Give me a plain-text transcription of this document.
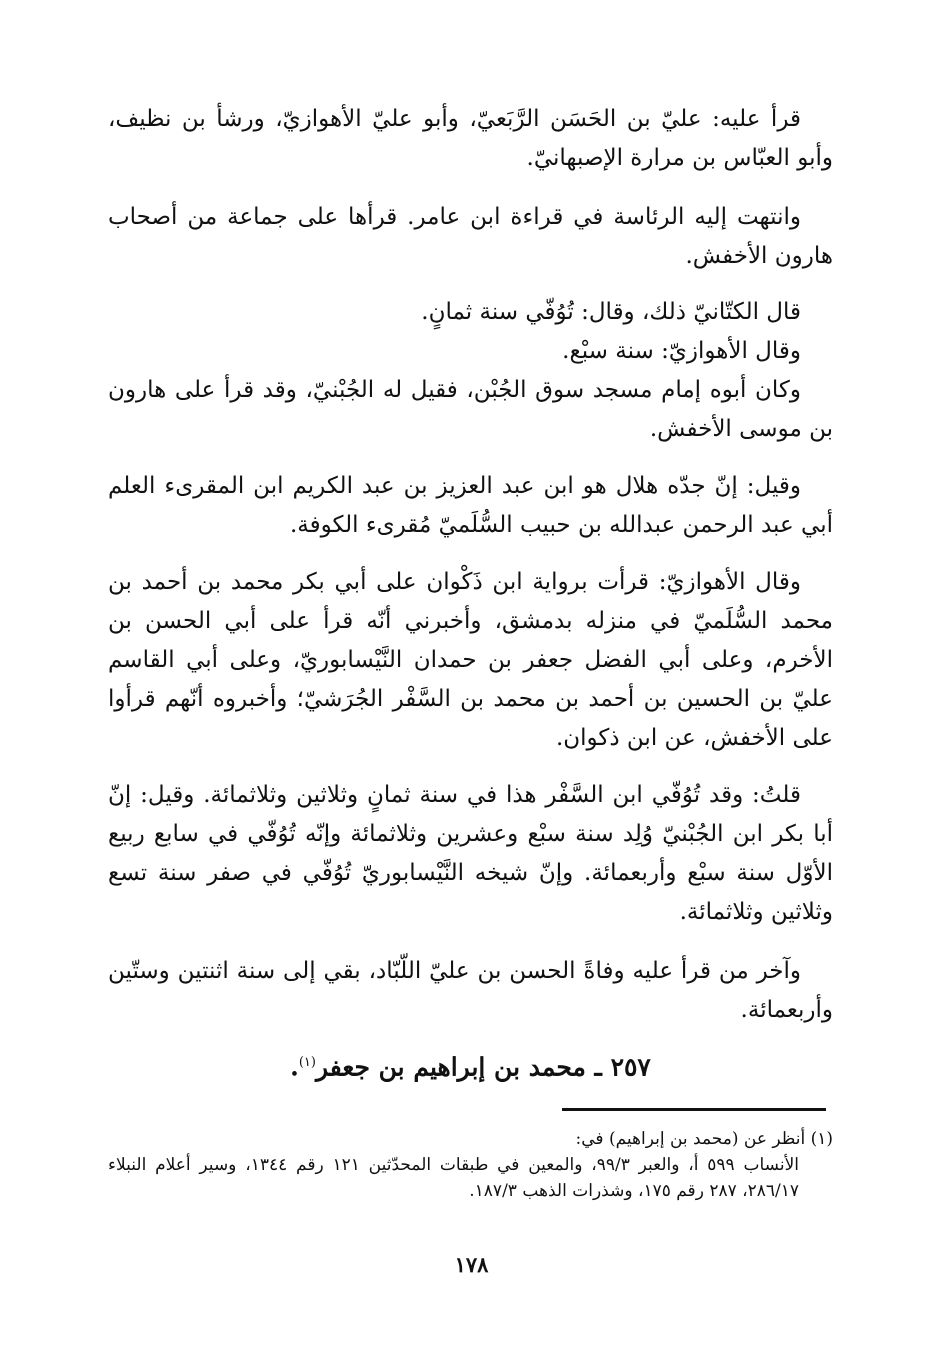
قرأ عليه: عليّ بن الحَسَن الرَّبَعيّ، وأبو عليّ الأهوازيّ، ورشأ بن نظيف، وأبو العبّاس بن مرارة الإصبهانيّ.

وانتهت إليه الرئاسة في قراءة ابن عامر. قرأها على جماعة من أصحاب هارون الأخفش.

قال الكتّانيّ ذلك، وقال: تُوُفّي سنة ثمانٍ.

وقال الأهوازيّ: سنة سبْع.

وكان أبوه إمام مسجد سوق الجُبْن، فقيل له الجُبْنيّ، وقد قرأ على هارون بن موسى الأخفش.

وقيل: إنّ جدّه هلال هو ابن عبد العزيز بن عبد الكريم ابن المقرىء العلم أبي عبد الرحمن عبدالله بن حبيب السُّلَميّ مُقرىء الكوفة.

وقال الأهوازيّ: قرأت برواية ابن ذَكْوان على أبي بكر محمد بن أحمد بن محمد السُّلَميّ في منزله بدمشق، وأخبرني أنّه قرأ على أبي الحسن بن الأخرم، وعلى أبي الفضل جعفر بن حمدان النَّيْسابوريّ، وعلى أبي القاسم عليّ بن الحسين بن أحمد بن محمد بن السَّفْر الجُرَشيّ؛ وأخبروه أنّهم قرأوا على الأخفش، عن ابن ذكوان.

قلتُ: وقد تُوُفّي ابن السَّفْر هذا في سنة ثمانٍ وثلاثين وثلاثمائة. وقيل: إنّ أبا بكر ابن الجُبْنيّ وُلِد سنة سبْع وعشرين وثلاثمائة وإنّه تُوُفّي في سابع ربيع الأوّل سنة سبْع وأربعمائة. وإنّ شيخه النَّيْسابوريّ تُوُفّي في صفر سنة تسع وثلاثين وثلاثمائة.

وآخر من قرأ عليه وفاةً الحسن بن عليّ اللّبّاد، بقي إلى سنة اثنتين وستّين وأربعمائة.

٢٥٧ ـ محمد بن إبراهيم بن جعفر$^{(١)}$.

(١) أنظر عن (محمد بن إبراهيم) في:

الأنساب ٥٩٩ أ، والعبر ٩٩/٣، والمعين في طبقات المحدّثين ١٢١ رقم ١٣٤٤، وسير أعلام النبلاء ٢٨٦/١٧، ٢٨٧ رقم ١٧٥، وشذرات الذهب ١٨٧/٣.

١٧٨
